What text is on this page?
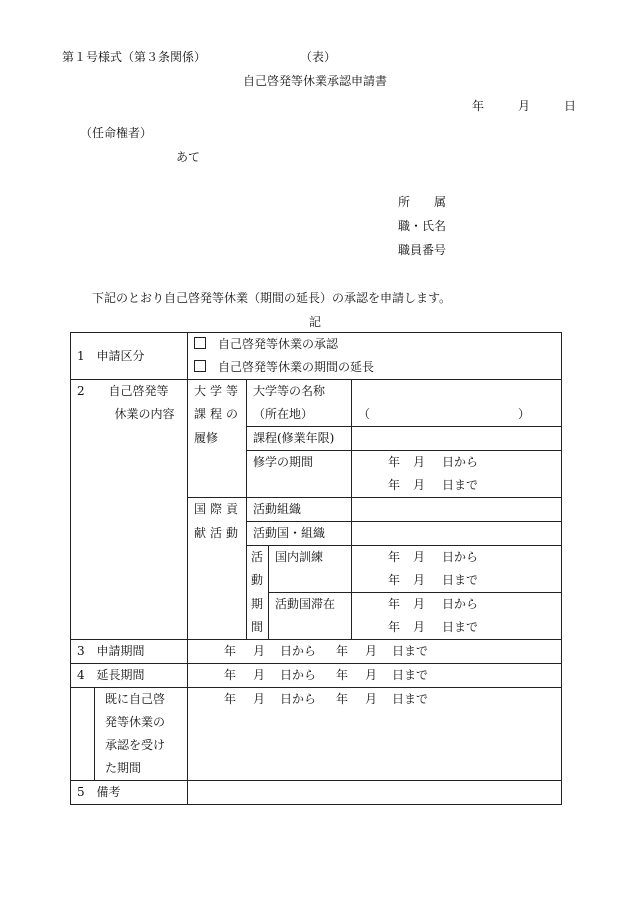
第１号様式（第３条関係）	（表）
自己啓発等休業承認申請書
年	月	日
（任命権者）
あて
所　　属
職・氏名
職員番号
下記のとおり自己啓発等休業（期間の延長）の承認を申請します。
記
1	申請区分	自己啓発等休業の承認			
		自己啓発等休業の期間の延長			
2	自己啓発等	大学等	大学等の名称		
	休業の内容	課程の	（所在地）		（ ）
		履修	課程(修業年限)		
			修学の期間		年 月 日から
					年 月 日まで
		国際貢	活動組織		
		献活動	活動国・組織		
			活	国内訓練	年 月 日から
			動		年 月 日まで
			期	活動国滞在	年 月 日から
			間		年 月 日まで
3	申請期間	年 月 日から 年 月 日まで			
4	延長期間	年 月 日から 年 月 日まで			
	既に自己啓	年 月 日から 年 月 日まで			
	発等休業の				
	承認を受け				
	た期間				
5	備考				
